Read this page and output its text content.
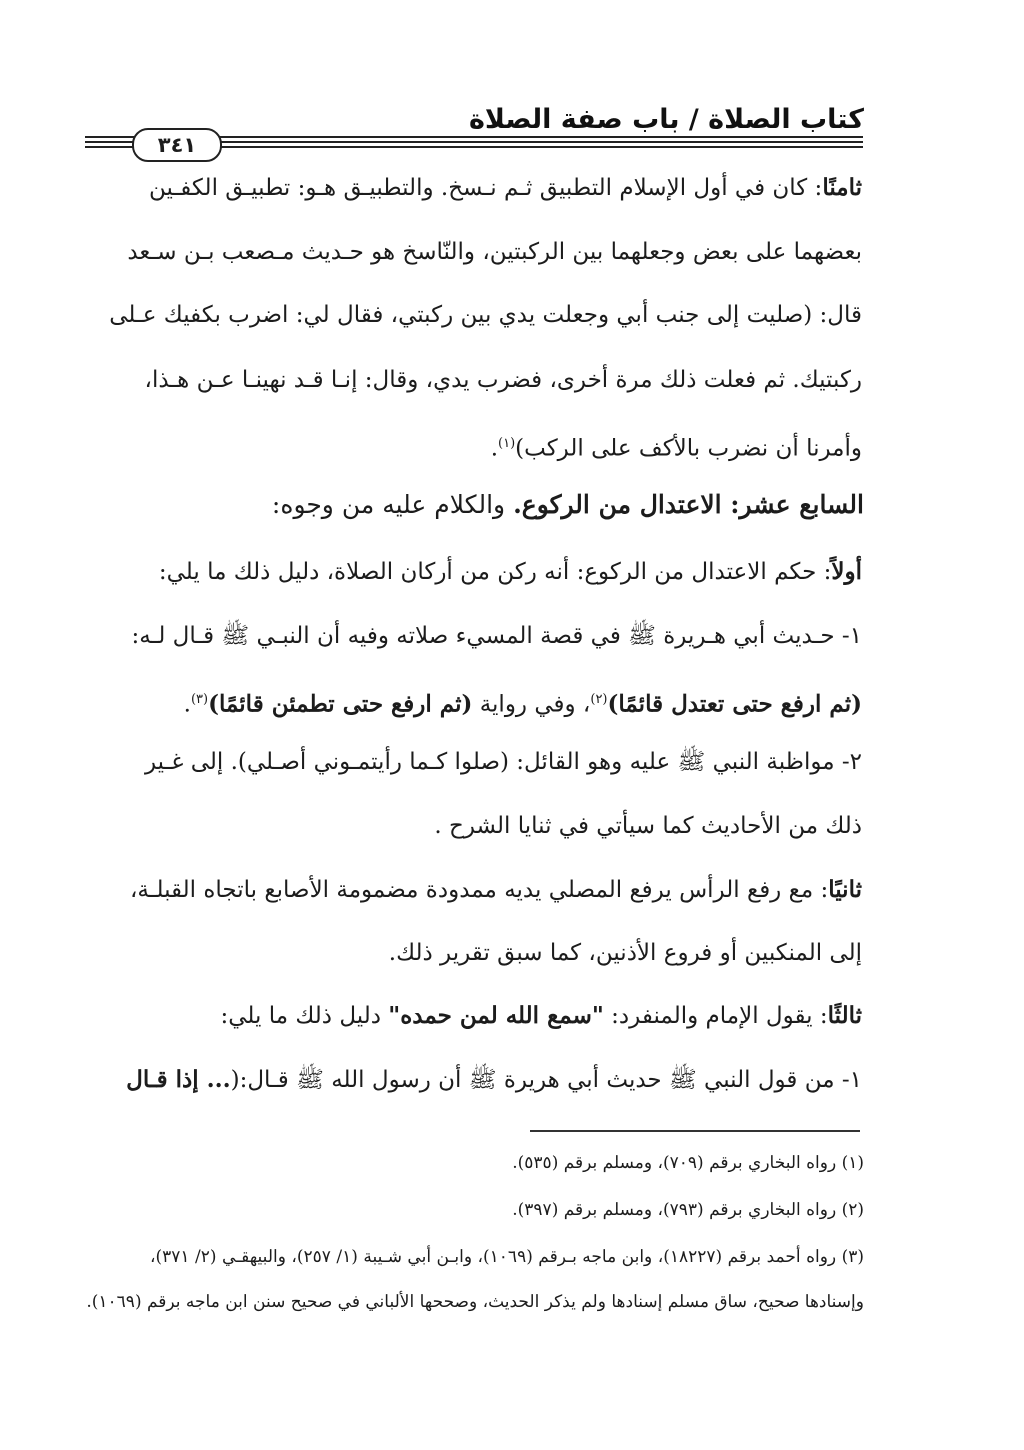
كتاب الصلاة / باب صفة الصلاة
٣٤١
ثامنًا: كان في أول الإسلام التطبيق ثـم نـسخ. والتطبيـق هـو: تطبيـق الكفـين
بعضهما على بعض وجعلهما بين الركبتين، والنّاسخ هو حـديث مـصعب بـن سـعد
قال: (صليت إلى جنب أبي وجعلت يدي بين ركبتي، فقال لي: اضرب بكفيك عـلى
ركبتيك. ثم فعلت ذلك مرة أخرى، فضرب يدي، وقال: إنـا قـد نهينـا عـن هـذا،
وأمرنا أن نضرب بالأكف على الركب)$^{(١)}$.
السابع عشر: الاعتدال من الركوع. والكلام عليه من وجوه:
أولاً: حكم الاعتدال من الركوع: أنه ركن من أركان الصلاة، دليل ذلك ما يلي:
١- حـديث أبي هـريرة ﷺ في قصة المسيء صلاته وفيه أن النبـي ﷺ قـال لـه:
(ثم ارفع حتى تعتدل قائمًا)$^{(٢)}$، وفي رواية (ثم ارفع حتى تطمئن قائمًا)$^{(٣)}$.
٢- مواظبة النبي ﷺ عليه وهو القائل: (صلوا كـما رأيتمـوني أصـلي). إلى غـير
ذلك من الأحاديث كما سيأتي في ثنايا الشرح .
ثانيًا: مع رفع الرأس يرفع المصلي يديه ممدودة مضمومة الأصابع باتجاه القبلـة،
إلى المنكبين أو فروع الأذنين، كما سبق تقرير ذلك.
ثالثًا: يقول الإمام والمنفرد: "سمع الله لمن حمده" دليل ذلك ما يلي:
١- من قول النبي ﷺ حديث أبي هريرة ﷺ أن رسول الله ﷺ قـال:(... إذا قـال
(١) رواه البخاري برقم (٧٠٩)، ومسلم برقم (٥٣٥).
(٢) رواه البخاري برقم (٧٩٣)، ومسلم برقم (٣٩٧).
(٣) رواه أحمد برقم (١٨٢٢٧)، وابن ماجه بـرقم (١٠٦٩)، وابـن أبي شـيبة (١/ ٢٥٧)، والبيهقـي (٢/ ٣٧١)،
وإسنادها صحيح، ساق مسلم إسنادها ولم يذكر الحديث، وصححها الألباني في صحيح سنن ابن ماجه برقم (١٠٦٩).
